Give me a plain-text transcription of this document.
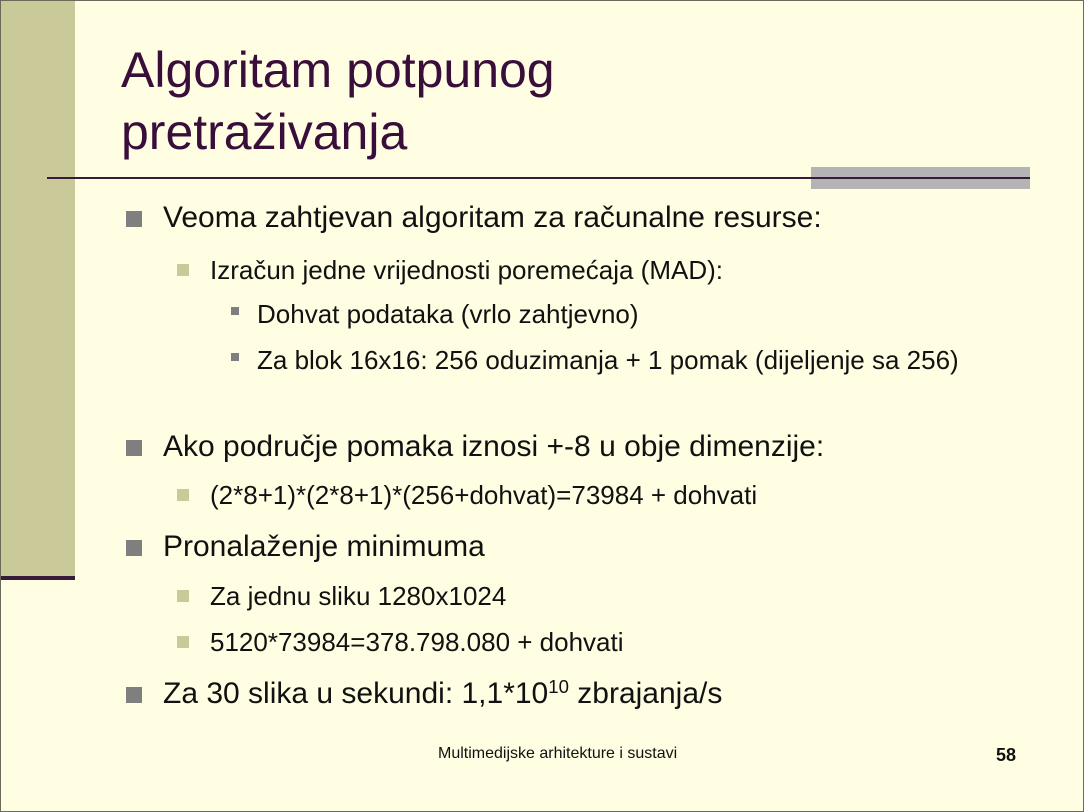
Algoritam potpunog
pretraživanja
Veoma zahtjevan algoritam za računalne resurse:
Izračun jedne vrijednosti poremećaja (MAD):
Dohvat podataka (vrlo zahtjevno)
Za blok 16x16: 256 oduzimanja + 1 pomak (dijeljenje sa 256)
Ako područje pomaka iznosi +-8 u obje dimenzije:
(2*8+1)*(2*8+1)*(256+dohvat)=73984 + dohvati
Pronalaženje minimuma
Za jednu sliku 1280x1024
5120*73984=378.798.080 + dohvati
Za 30 slika u sekundi: $1,1*10^{10}$ zbrajanja/s
Multimedijske arhitekture i sustavi	58
